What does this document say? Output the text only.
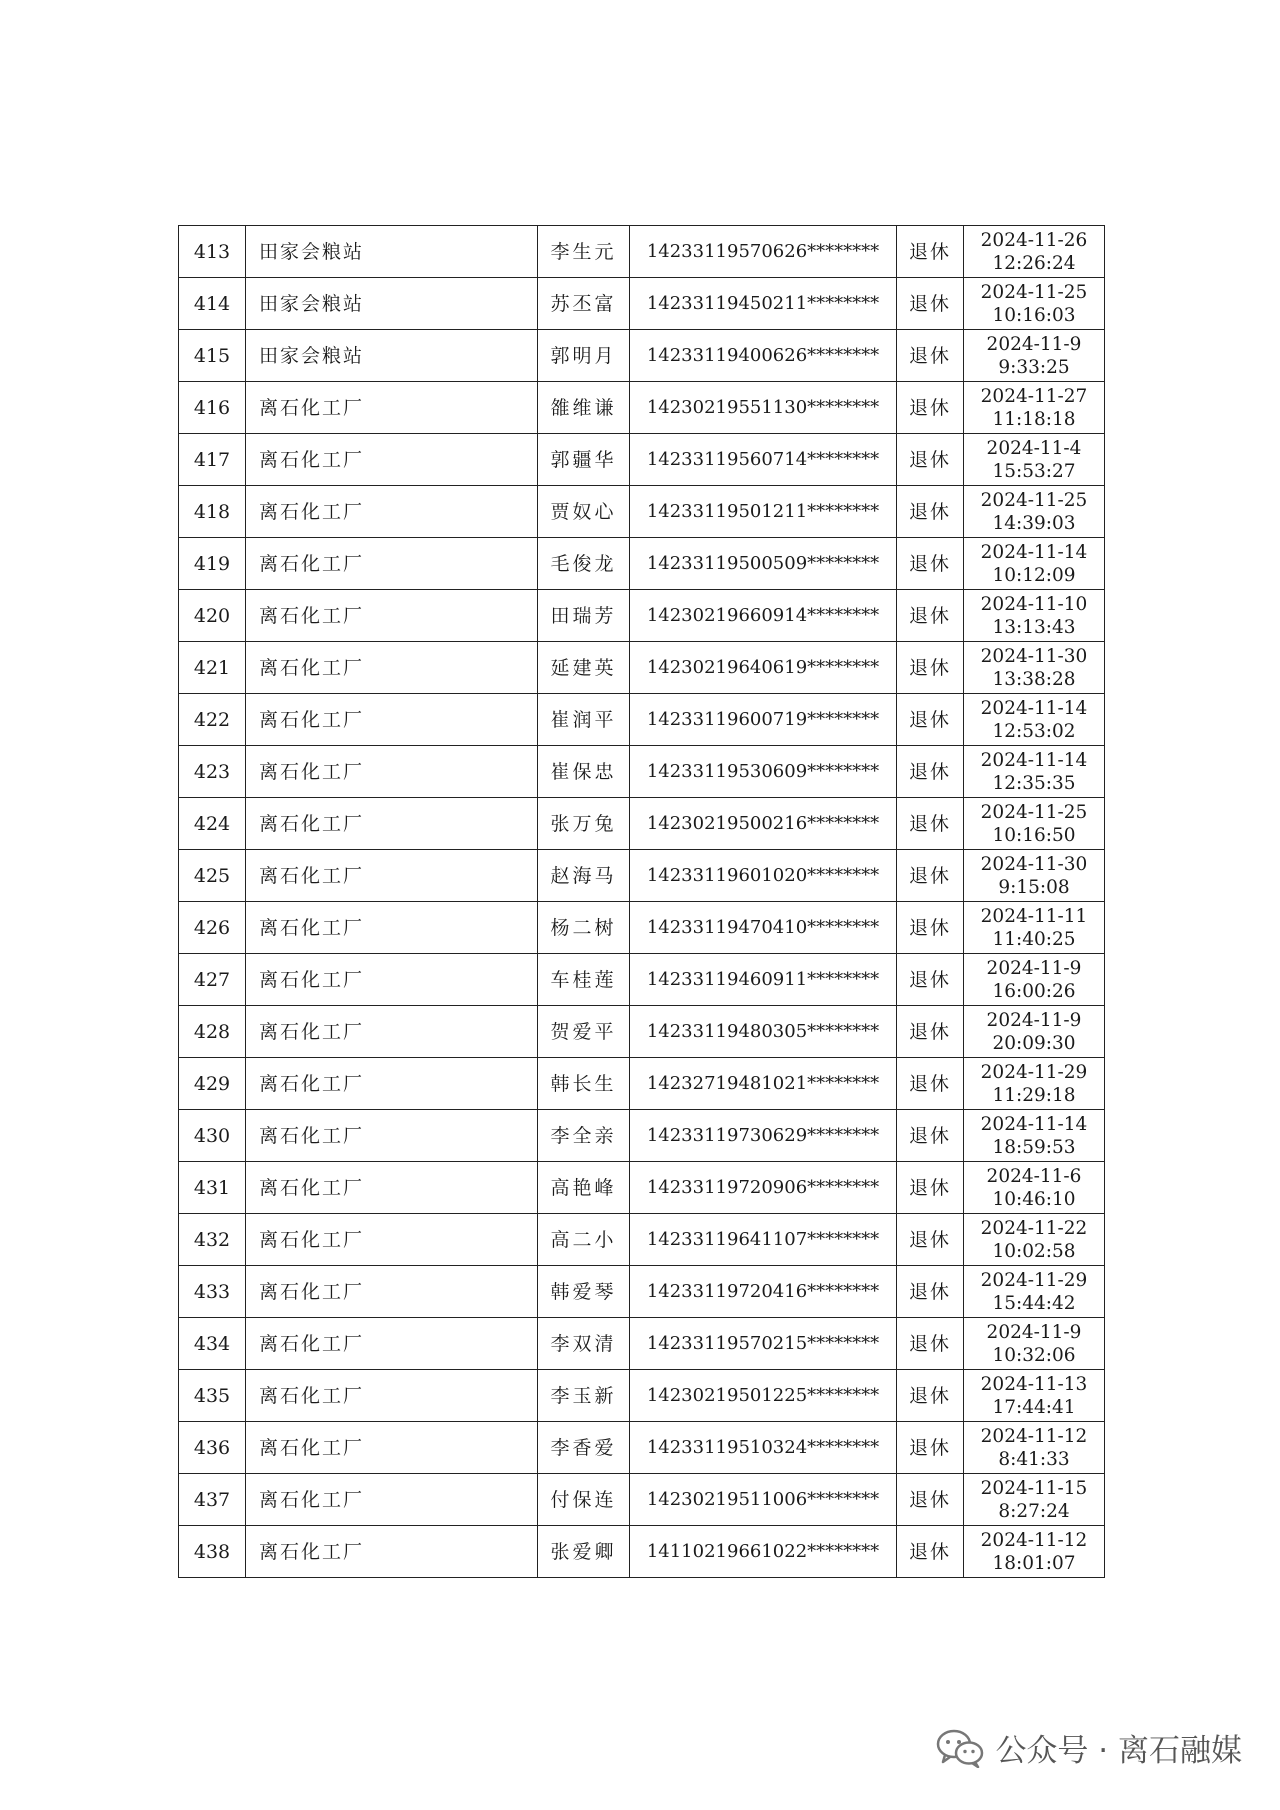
413	田家会粮站	李生元	14233119570626********	退休	2024-11-26
12:26:24

414	田家会粮站	苏丕富	14233119450211********	退休	2024-11-25
10:16:03

415	田家会粮站	郭明月	14233119400626********	退休	2024-11-9
9:33:25

416	离石化工厂	雒维谦	14230219551130********	退休	2024-11-27
11:18:18

417	离石化工厂	郭疆华	14233119560714********	退休	2024-11-4
15:53:27

418	离石化工厂	贾奴心	14233119501211********	退休	2024-11-25
14:39:03

419	离石化工厂	毛俊龙	14233119500509********	退休	2024-11-14
10:12:09

420	离石化工厂	田瑞芳	14230219660914********	退休	2024-11-10
13:13:43

421	离石化工厂	延建英	14230219640619********	退休	2024-11-30
13:38:28

422	离石化工厂	崔润平	14233119600719********	退休	2024-11-14
12:53:02

423	离石化工厂	崔保忠	14233119530609********	退休	2024-11-14
12:35:35

424	离石化工厂	张万兔	14230219500216********	退休	2024-11-25
10:16:50

425	离石化工厂	赵海马	14233119601020********	退休	2024-11-30
9:15:08

426	离石化工厂	杨二树	14233119470410********	退休	2024-11-11
11:40:25

427	离石化工厂	车桂莲	14233119460911********	退休	2024-11-9
16:00:26

428	离石化工厂	贺爱平	14233119480305********	退休	2024-11-9
20:09:30

429	离石化工厂	韩长生	14232719481021********	退休	2024-11-29
11:29:18

430	离石化工厂	李全亲	14233119730629********	退休	2024-11-14
18:59:53

431	离石化工厂	高艳峰	14233119720906********	退休	2024-11-6
10:46:10

432	离石化工厂	高二小	14233119641107********	退休	2024-11-22
10:02:58

433	离石化工厂	韩爱琴	14233119720416********	退休	2024-11-29
15:44:42

434	离石化工厂	李双清	14233119570215********	退休	2024-11-9
10:32:06

435	离石化工厂	李玉新	14230219501225********	退休	2024-11-13
17:44:41

436	离石化工厂	李香爱	14233119510324********	退休	2024-11-12
8:41:33

437	离石化工厂	付保连	14230219511006********	退休	2024-11-15
8:27:24

438	离石化工厂	张爱卿	14110219661022********	退休	2024-11-12
18:01:07
公众号 · 离石融媒
